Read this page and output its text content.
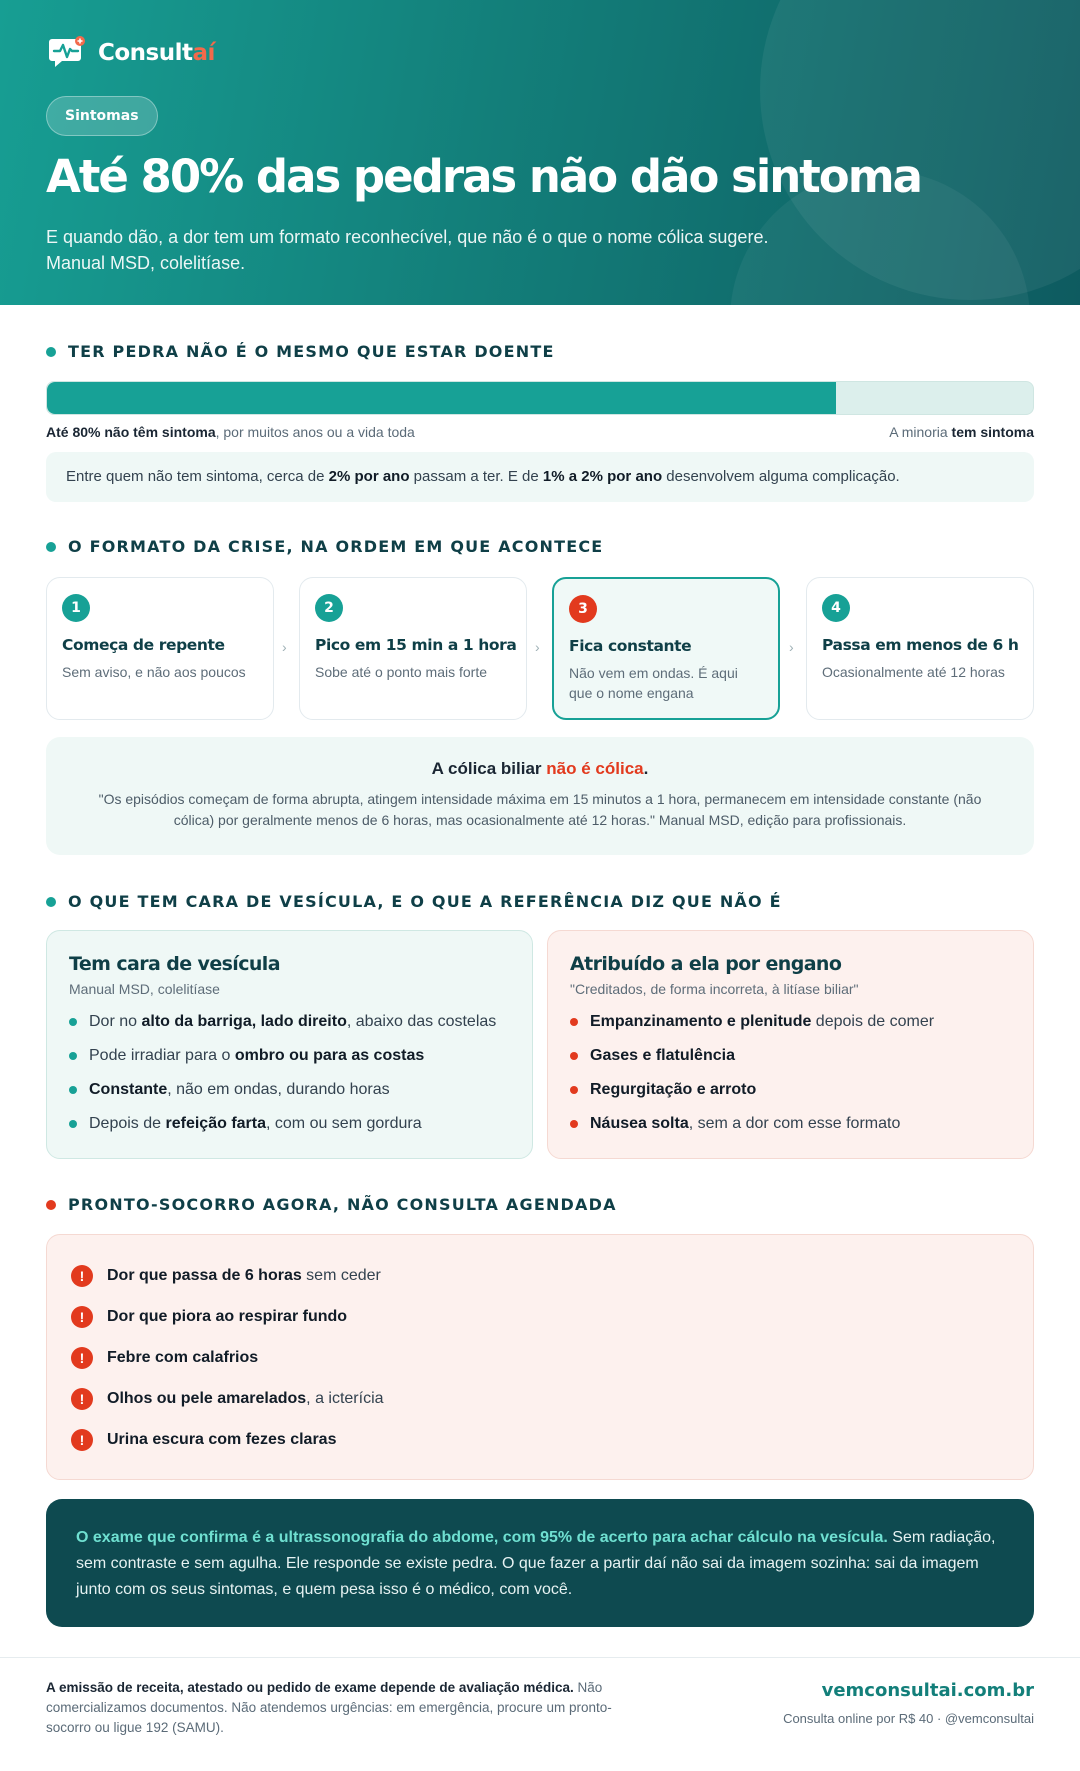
Consultaí
Sintomas
Até 80% das pedras não dão sintoma
E quando dão, a dor tem um formato reconhecível, que não é o que o nome cólica sugere.
Manual MSD, colelitíase.
TER PEDRA NÃO É O MESMO QUE ESTAR DOENTE
Até 80% não têm sintoma, por muitos anos ou a vida toda	A minoria tem sintoma
Entre quem não tem sintoma, cerca de 2% por ano passam a ter. E de 1% a 2% por ano desenvolvem alguma complicação.
O FORMATO DA CRISE, NA ORDEM EM QUE ACONTECE
1
Começa de repente
Sem aviso, e não aos poucos
›
2
Pico em 15 min a 1 hora
Sobe até o ponto mais forte
›
3
Fica constante
Não vem em ondas. É aqui que o nome engana
›
4
Passa em menos de 6 h
Ocasionalmente até 12 horas
A cólica biliar não é cólica.
"Os episódios começam de forma abrupta, atingem intensidade máxima em 15 minutos a 1 hora, permanecem em intensidade constante (não cólica) por geralmente menos de 6 horas, mas ocasionalmente até 12 horas." Manual MSD, edição para profissionais.
O QUE TEM CARA DE VESÍCULA, E O QUE A REFERÊNCIA DIZ QUE NÃO É
Tem cara de vesícula
Manual MSD, colelitíase
Dor no alto da barriga, lado direito, abaixo das costelas
Pode irradiar para o ombro ou para as costas
Constante, não em ondas, durando horas
Depois de refeição farta, com ou sem gordura
Atribuído a ela por engano
"Creditados, de forma incorreta, à litíase biliar"
Empanzinamento e plenitude depois de comer
Gases e flatulência
Regurgitação e arroto
Náusea solta, sem a dor com esse formato
PRONTO-SOCORRO AGORA, NÃO CONSULTA AGENDADA
!	Dor que passa de 6 horas sem ceder
!	Dor que piora ao respirar fundo
!	Febre com calafrios
!	Olhos ou pele amarelados, a icterícia
!	Urina escura com fezes claras
O exame que confirma é a ultrassonografia do abdome, com 95% de acerto para achar cálculo na vesícula. Sem radiação, sem contraste e sem agulha. Ele responde se existe pedra. O que fazer a partir daí não sai da imagem sozinha: sai da imagem junto com os seus sintomas, e quem pesa isso é o médico, com você.
A emissão de receita, atestado ou pedido de exame depende de avaliação médica. Não comercializamos documentos. Não atendemos urgências: em emergência, procure um pronto-socorro ou ligue 192 (SAMU).
vemconsultai.com.br
Consulta online por R$ 40 · @vemconsultai
